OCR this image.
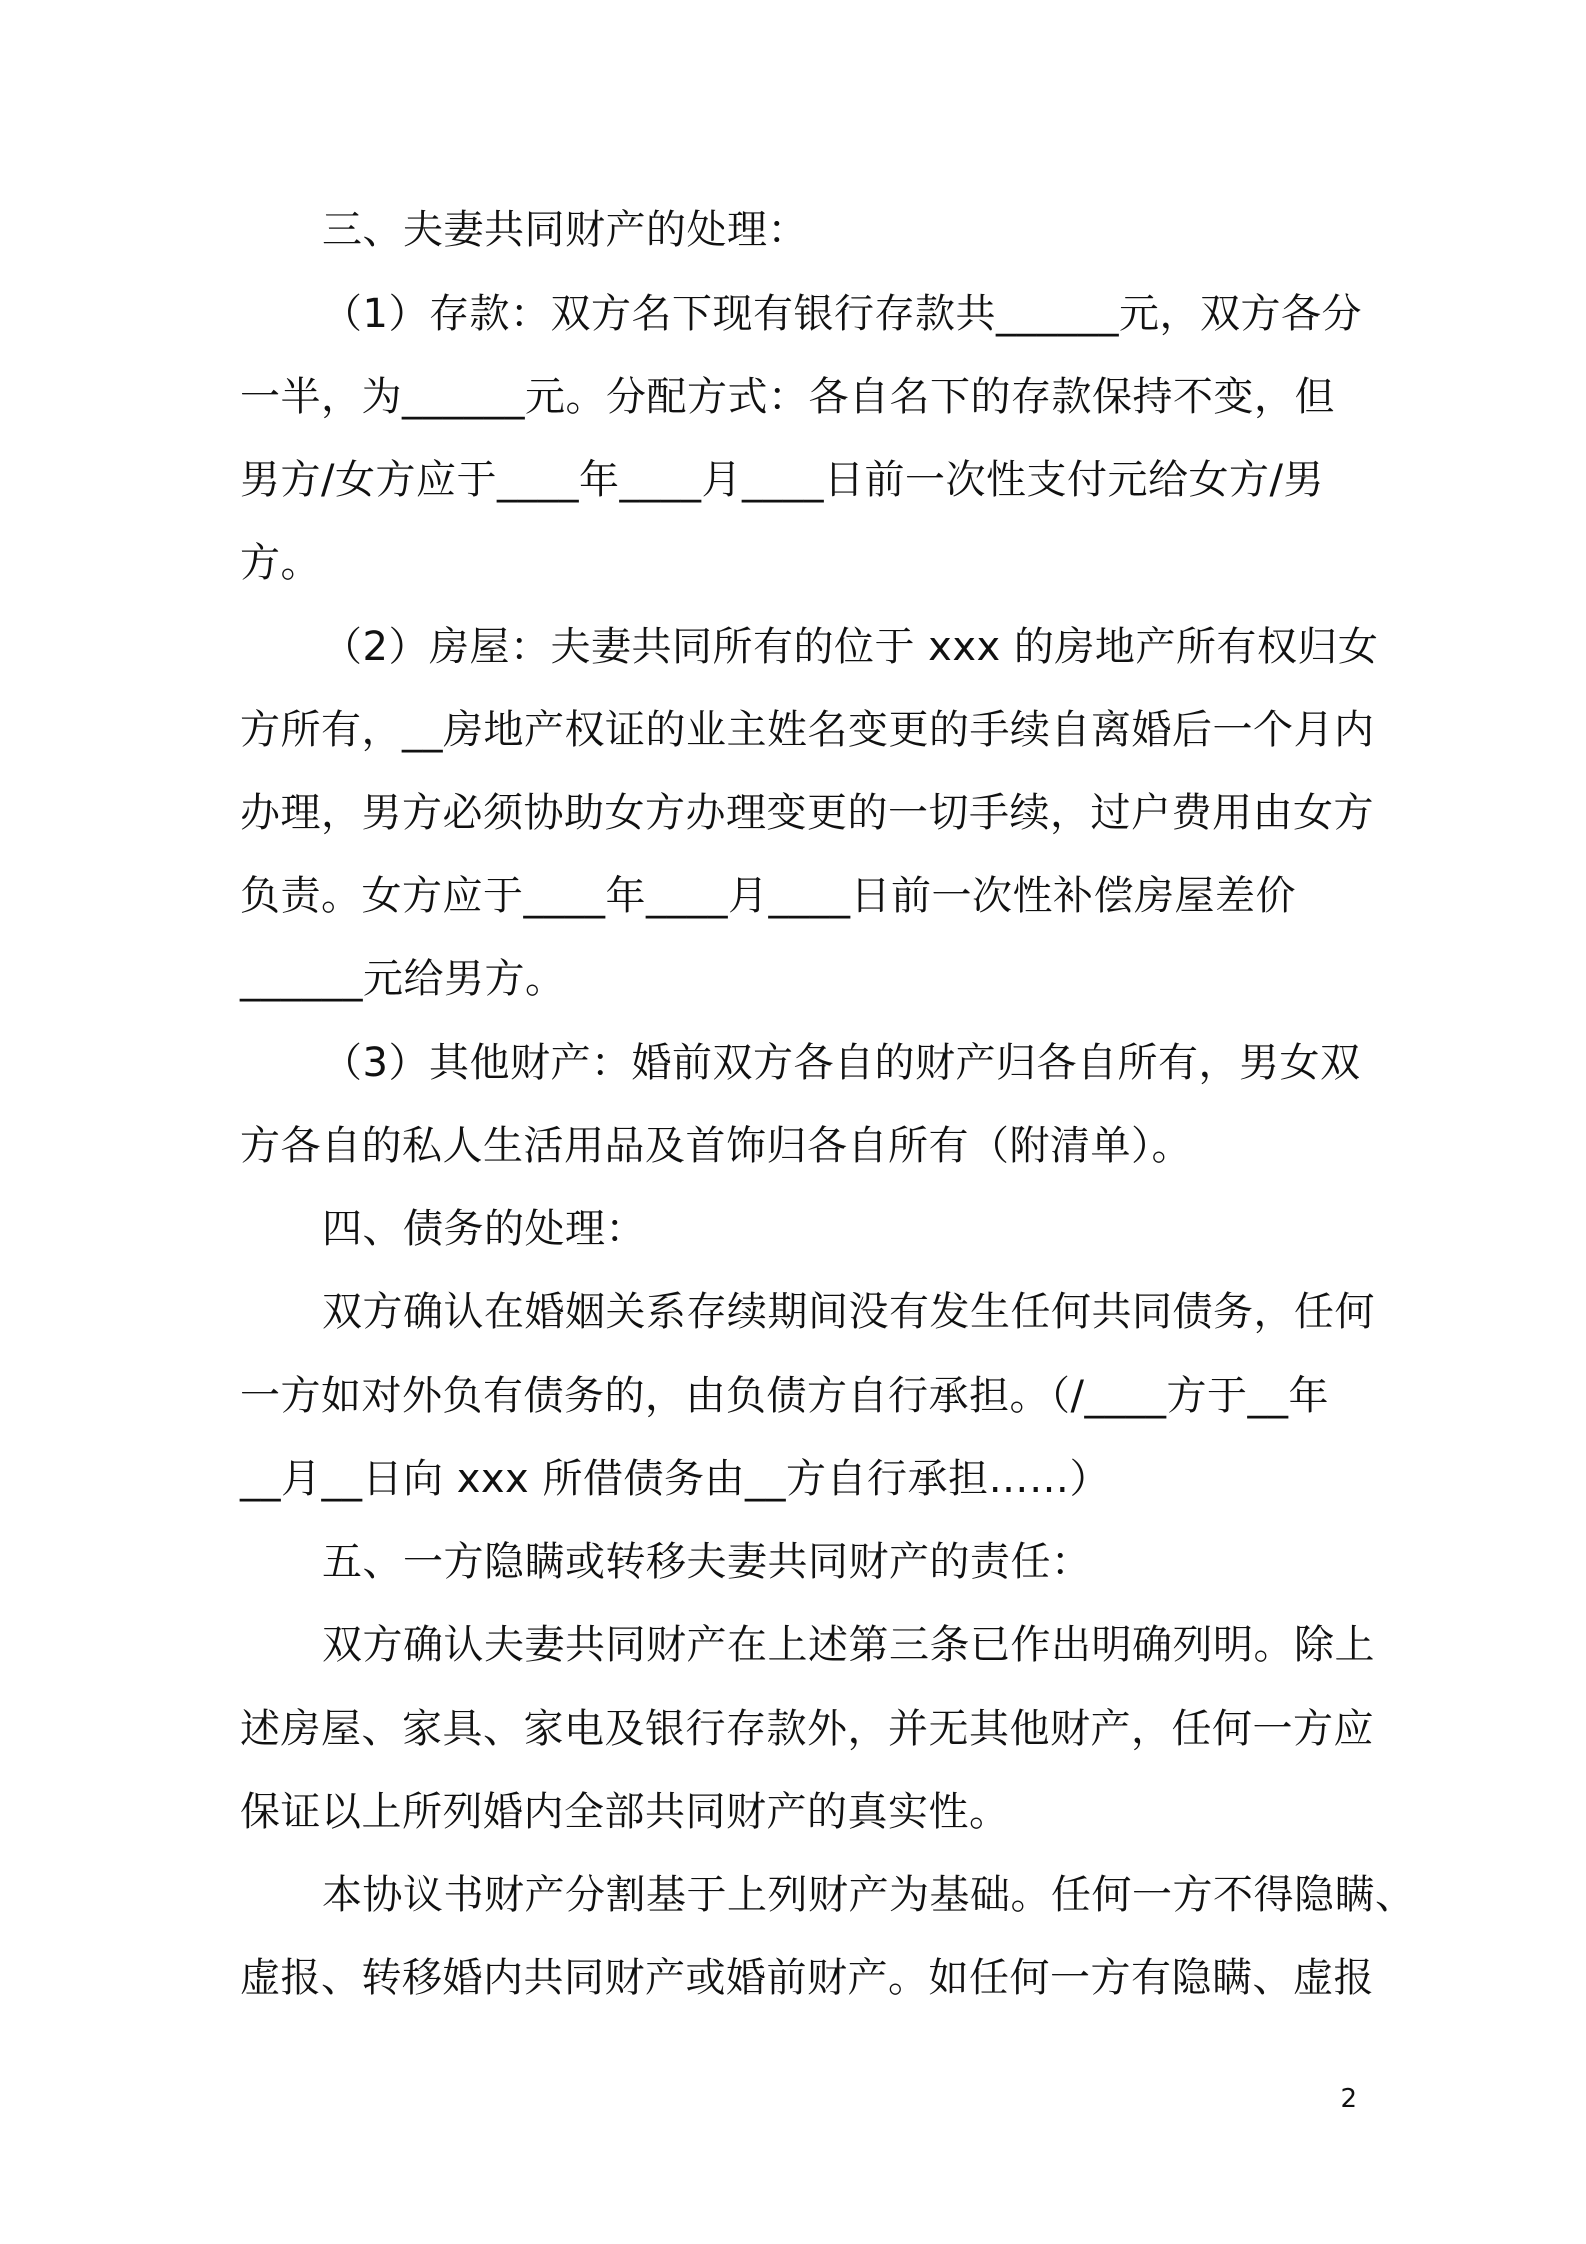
三、夫妻共同财产的处理：
（1）存款：双方名下现有银行存款共______元，双方各分
一半，为______元。分配方式：各自名下的存款保持不变，但
男方/女方应于____年____月____日前一次性支付元给女方/男
方。
（2）房屋：夫妻共同所有的位于 xxx 的房地产所有权归女
方所有，__房地产权证的业主姓名变更的手续自离婚后一个月内
办理，男方必须协助女方办理变更的一切手续，过户费用由女方
负责。女方应于____年____月____日前一次性补偿房屋差价
______元给男方。
（3）其他财产：婚前双方各自的财产归各自所有，男女双
方各自的私人生活用品及首饰归各自所有（附清单）。
四、债务的处理：
双方确认在婚姻关系存续期间没有发生任何共同债务，任何
一方如对外负有债务的，由负债方自行承担。（/____方于__年
__月__日向 xxx 所借债务由__方自行承担……）
五、一方隐瞒或转移夫妻共同财产的责任：
双方确认夫妻共同财产在上述第三条已作出明确列明。除上
述房屋、家具、家电及银行存款外，并无其他财产，任何一方应
保证以上所列婚内全部共同财产的真实性。
本协议书财产分割基于上列财产为基础。任何一方不得隐瞒、
虚报、转移婚内共同财产或婚前财产。如任何一方有隐瞒、虚报
2
